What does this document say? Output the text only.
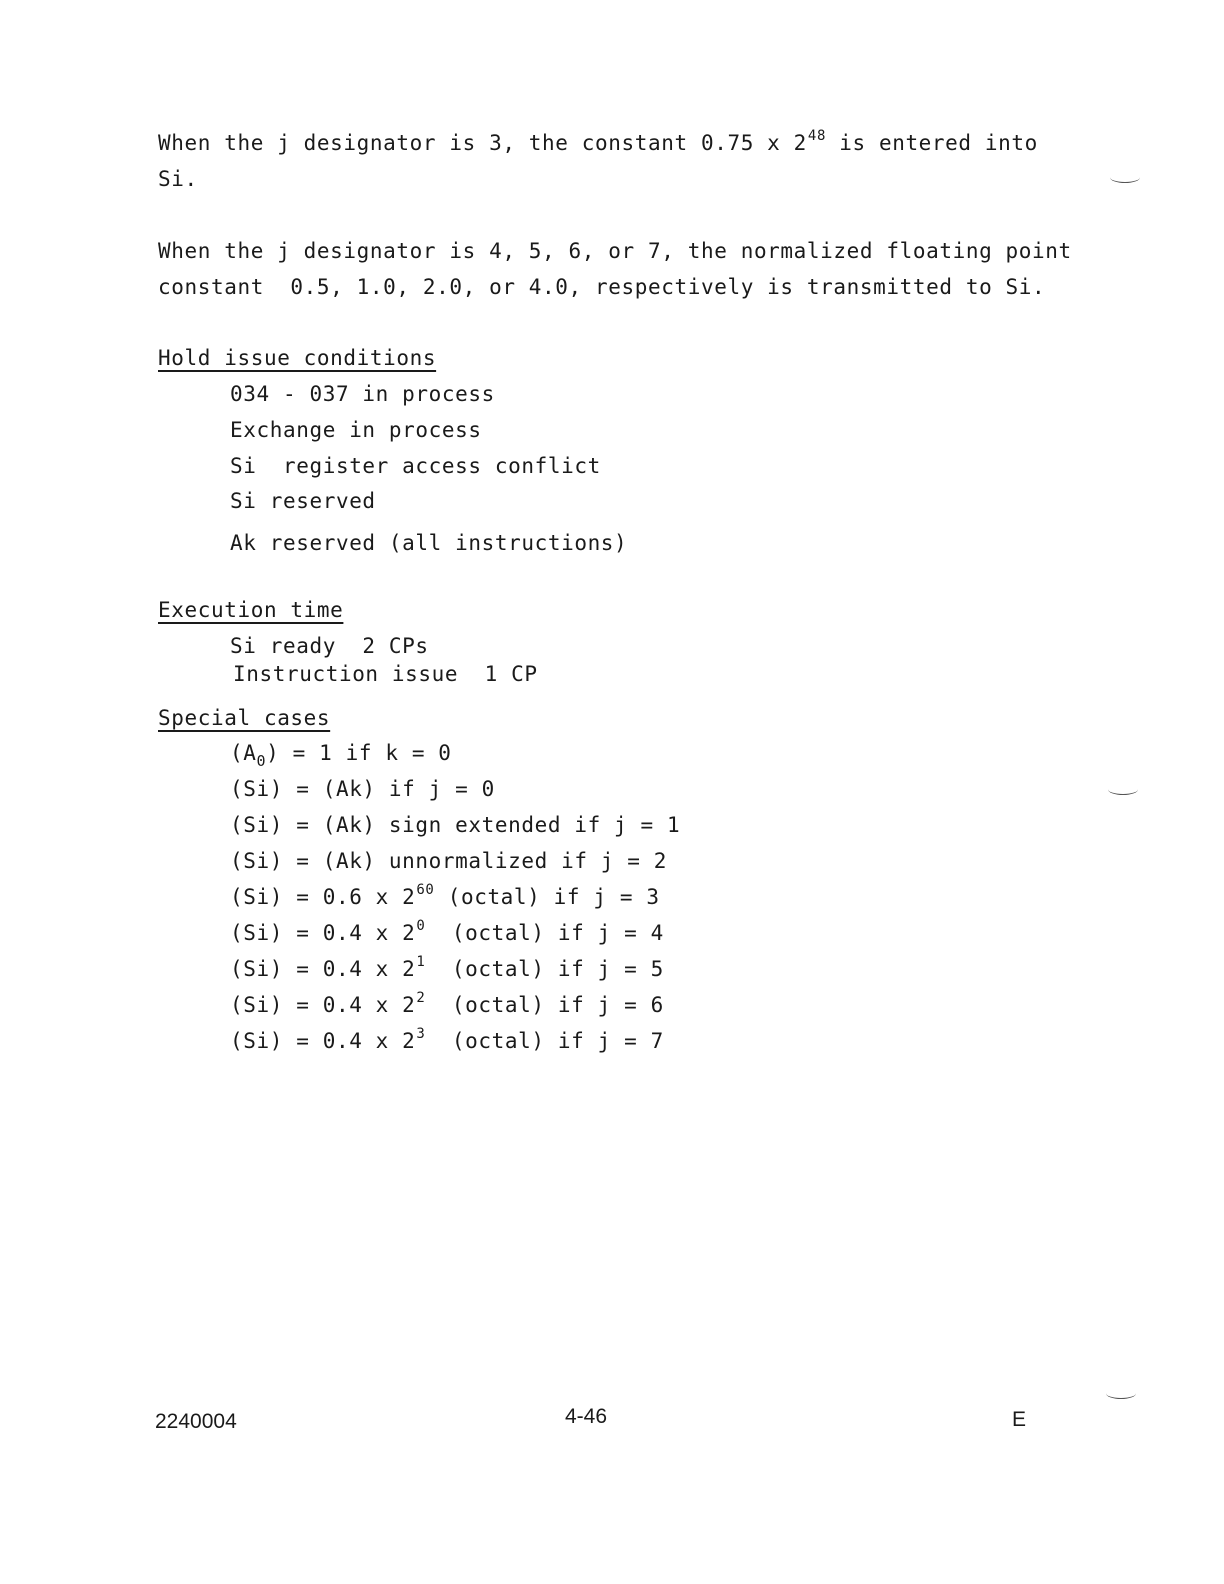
When the j designator is 3, the constant 0.75 x $2^{48}$ is entered into
Si.
When the j designator is 4, 5, 6, or 7, the normalized floating point
constant  0.5, 1.0, 2.0, or 4.0, respectively is transmitted to Si.
Hold issue conditions
034 - 037 in process
Exchange in process
Si  register access conflict
Si reserved
Ak reserved (all instructions)
Execution time
Si ready  2 CPs
Instruction issue  1 CP
Special cases
$(A_0) = 1$ if k = 0
(Si) = (Ak) if j = 0
(Si) = (Ak) sign extended if j = 1
(Si) = (Ak) unnormalized if j = 2
(Si) = 0.6 x $2^{60}$ (octal) if j = 3
(Si) = 0.4 x $2^0$  (octal) if j = 4
(Si) = 0.4 x $2^1$  (octal) if j = 5
(Si) = 0.4 x $2^2$  (octal) if j = 6
(Si) = 0.4 x $2^3$  (octal) if j = 7
2240004	4-46	E
